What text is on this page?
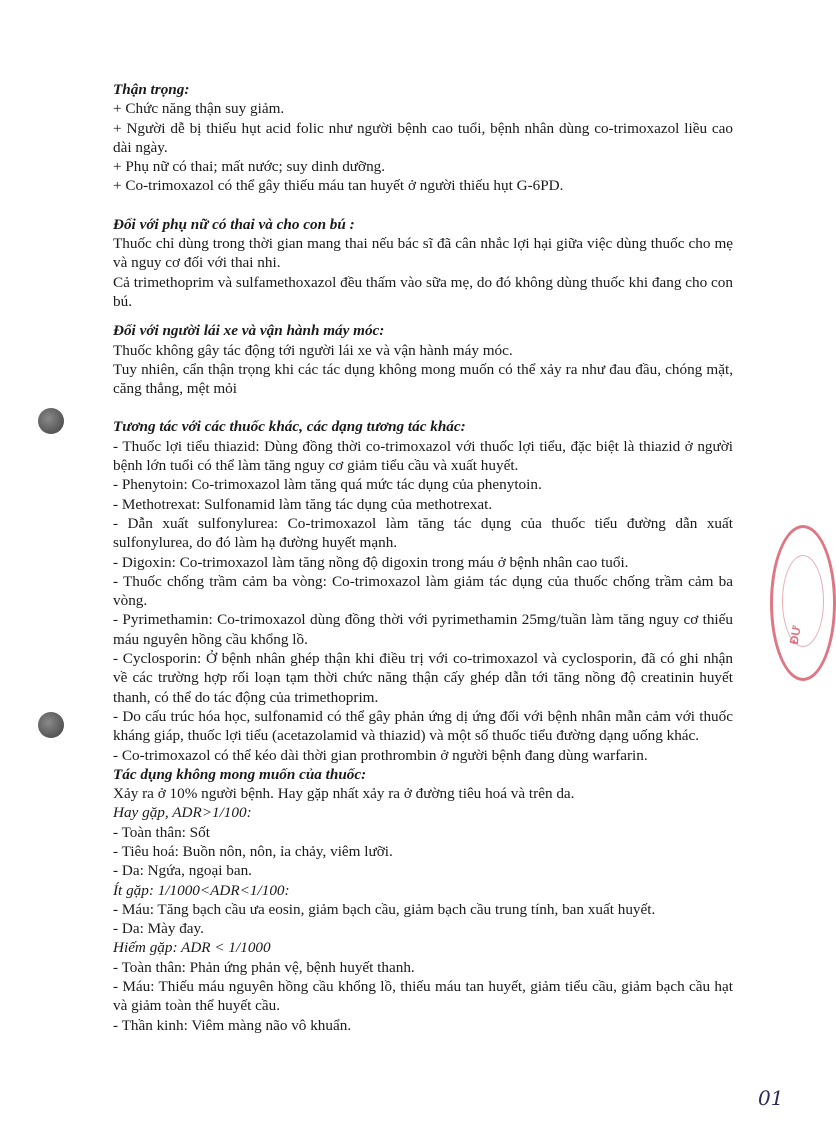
ĐƯ
Thận trọng:
+ Chức năng thận suy giảm.
+ Người dễ bị thiếu hụt acid folic như người bệnh cao tuổi, bệnh nhân dùng co-trimoxazol liều cao dài ngày.
+ Phụ nữ có thai; mất nước; suy dinh dưỡng.
+ Co-trimoxazol có thể gây thiếu máu tan huyết ở người thiếu hụt G-6PD.
Đối với phụ nữ có thai và cho con bú :
Thuốc chỉ dùng trong thời gian mang thai nếu bác sĩ đã cân nhắc lợi hại giữa việc dùng thuốc cho mẹ và nguy cơ đối với thai nhi.
Cả trimethoprim và sulfamethoxazol đều thấm vào sữa mẹ, do đó không dùng thuốc khi đang cho con bú.
Đối với người lái xe và vận hành máy móc:
Thuốc không gây tác động tới người lái xe và vận hành máy móc.
Tuy nhiên, cẩn thận trọng khi các tác dụng không mong muốn có thể xảy ra như đau đầu, chóng mặt, căng thẳng, mệt mỏi
Tương tác với các thuốc khác, các dạng tương tác khác:
- Thuốc lợi tiểu thiazid: Dùng đồng thời co-trimoxazol với thuốc lợi tiểu, đặc biệt là thiazid ở người bệnh lớn tuổi có thể làm tăng nguy cơ giảm tiểu cầu và xuất huyết.
- Phenytoin: Co-trimoxazol làm tăng quá mức tác dụng của phenytoin.
- Methotrexat: Sulfonamid làm tăng tác dụng của methotrexat.
- Dẫn xuất sulfonylurea: Co-trimoxazol làm tăng tác dụng của thuốc tiểu đường dẫn xuất sulfonylurea, do đó làm hạ đường huyết mạnh.
- Digoxin: Co-trimoxazol làm tăng nồng độ digoxin trong máu ở bệnh nhân cao tuổi.
- Thuốc chống trầm cảm ba vòng: Co-trimoxazol làm giảm tác dụng của thuốc chống trầm cảm ba vòng.
- Pyrimethamin: Co-trimoxazol dùng đồng thời với pyrimethamin 25mg/tuần làm tăng nguy cơ thiếu máu nguyên hồng cầu khổng lồ.
- Cyclosporin: Ở bệnh nhân ghép thận khi điều trị với co-trimoxazol và cyclosporin, đã có ghi nhận về các trường hợp rối loạn tạm thời chức năng thận cấy ghép dẫn tới tăng nồng độ creatinin huyết thanh, có thể do tác động của trimethoprim.
- Do cấu trúc hóa học, sulfonamid có thể gây phản ứng dị ứng đối với bệnh nhân mẫn cảm với thuốc kháng giáp, thuốc lợi tiểu (acetazolamid và thiazid) và một số thuốc tiểu đường dạng uống khác.
- Co-trimoxazol có thể kéo dài thời gian prothrombin ở người bệnh đang dùng warfarin.
Tác dụng không mong muốn của thuốc:
Xảy ra ở 10% người bệnh. Hay gặp nhất xảy ra ở đường tiêu hoá và trên da.
Hay gặp, ADR>1/100:
- Toàn thân: Sốt
- Tiêu hoá: Buồn nôn, nôn, ỉa chảy, viêm lưỡi.
- Da: Ngứa, ngoại ban.
Ít gặp: 1/1000<ADR<1/100:
- Máu: Tăng bạch cầu ưa eosin, giảm bạch cầu, giảm bạch cầu trung tính, ban xuất huyết.
- Da: Mày đay.
Hiếm gặp: ADR < 1/1000
- Toàn thân: Phản ứng phản vệ, bệnh huyết thanh.
- Máu: Thiếu máu nguyên hồng cầu khổng lồ, thiếu máu tan huyết, giảm tiểu cầu, giảm bạch cầu hạt và giảm toàn thể huyết cầu.
- Thần kinh: Viêm màng não vô khuẩn.
01
